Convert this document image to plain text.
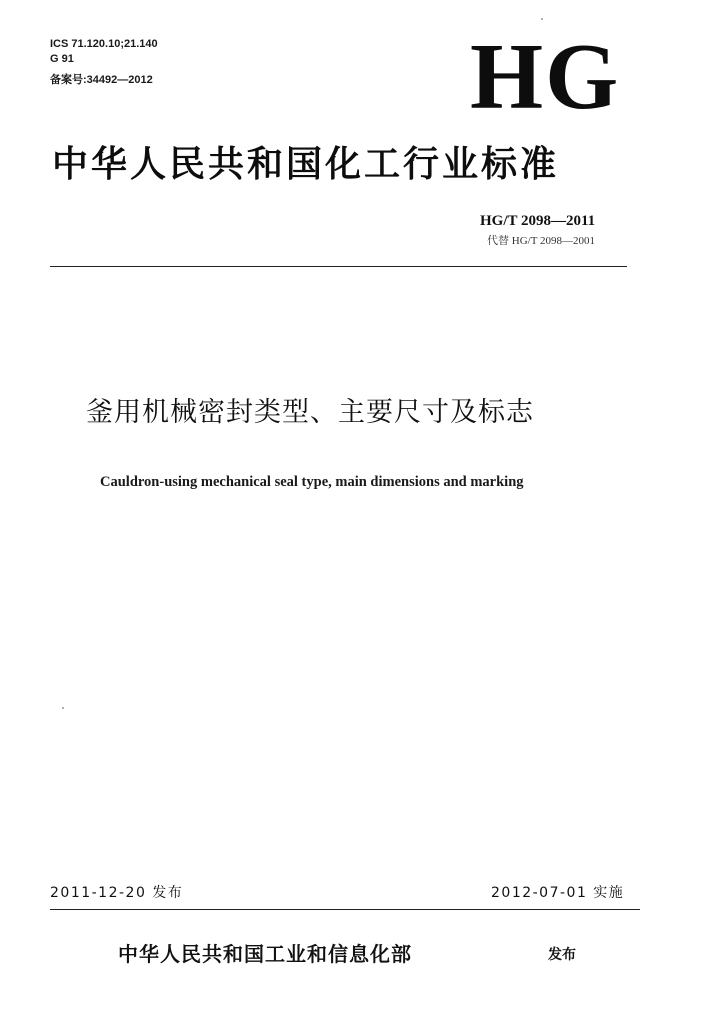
ICS 71.120.10;21.140
G 91
备案号:34492—2012	HG
中华人民共和国化工行业标准
HG/T 2098—2011
代替 HG/T 2098—2001
釜用机械密封类型、主要尺寸及标志
Cauldron-using mechanical seal type, main dimensions and marking
2011-12-20 发布	2012-07-01 实施
中华人民共和国工业和信息化部	发布
